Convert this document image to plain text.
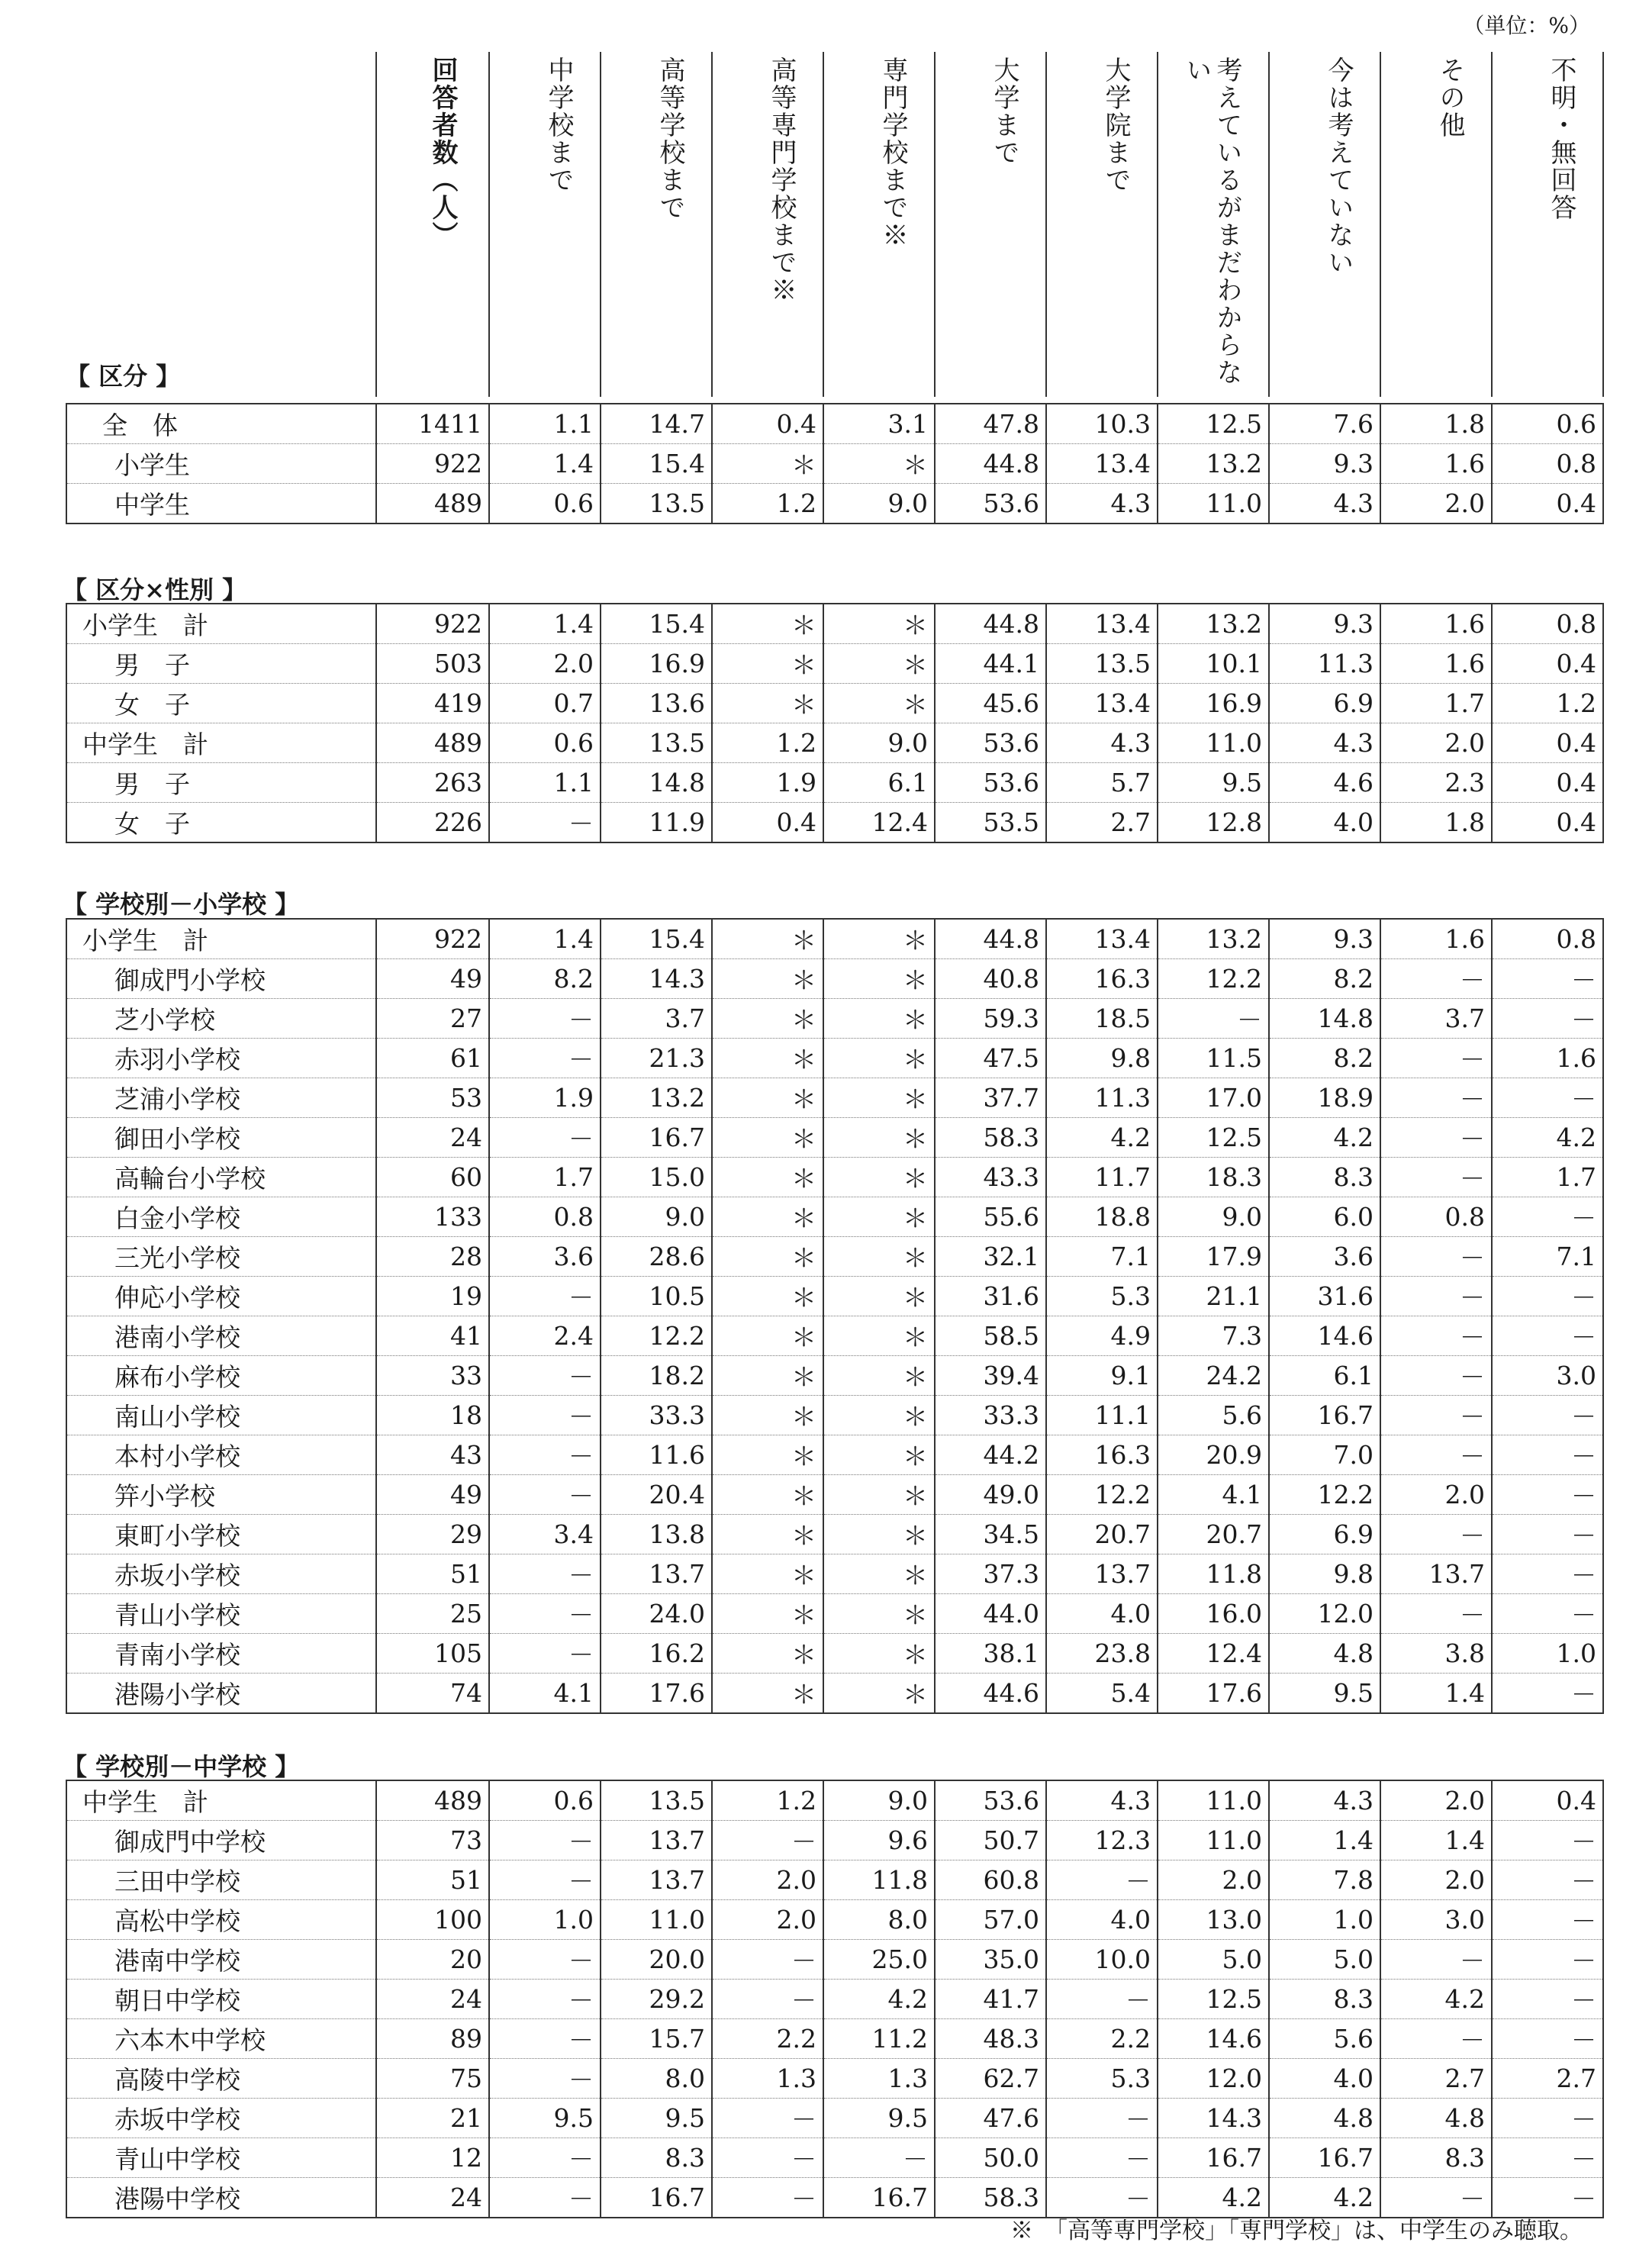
（単位：%）
【 区分 】
回答者数（人）	中学校まで	高等学校まで	高等専門学校まで※	専門学校まで※	大学まで	大学院まで	考えているがまだわからない	今は考えていない	その他	不明・無回答
【 区分×性別 】
【 学校別－小学校 】
【 学校別－中学校 】
※　「高等専門学校」「専門学校」は、中学生のみ聴取。
全　体	1411	1.1	14.7	0.4	3.1	47.8	10.3	12.5	7.6	1.8	0.6
小学生	922	1.4	15.4	＊	＊	44.8	13.4	13.2	9.3	1.6	0.8
中学生	489	0.6	13.5	1.2	9.0	53.6	4.3	11.0	4.3	2.0	0.4
小学生　計	922	1.4	15.4	＊	＊	44.8	13.4	13.2	9.3	1.6	0.8
男　子	503	2.0	16.9	＊	＊	44.1	13.5	10.1	11.3	1.6	0.4
女　子	419	0.7	13.6	＊	＊	45.6	13.4	16.9	6.9	1.7	1.2
中学生　計	489	0.6	13.5	1.2	9.0	53.6	4.3	11.0	4.3	2.0	0.4
男　子	263	1.1	14.8	1.9	6.1	53.6	5.7	9.5	4.6	2.3	0.4
女　子	226	－	11.9	0.4	12.4	53.5	2.7	12.8	4.0	1.8	0.4
小学生　計	922	1.4	15.4	＊	＊	44.8	13.4	13.2	9.3	1.6	0.8
御成門小学校	49	8.2	14.3	＊	＊	40.8	16.3	12.2	8.2	－	－
芝小学校	27	－	3.7	＊	＊	59.3	18.5	－	14.8	3.7	－
赤羽小学校	61	－	21.3	＊	＊	47.5	9.8	11.5	8.2	－	1.6
芝浦小学校	53	1.9	13.2	＊	＊	37.7	11.3	17.0	18.9	－	－
御田小学校	24	－	16.7	＊	＊	58.3	4.2	12.5	4.2	－	4.2
高輪台小学校	60	1.7	15.0	＊	＊	43.3	11.7	18.3	8.3	－	1.7
白金小学校	133	0.8	9.0	＊	＊	55.6	18.8	9.0	6.0	0.8	－
三光小学校	28	3.6	28.6	＊	＊	32.1	7.1	17.9	3.6	－	7.1
伸応小学校	19	－	10.5	＊	＊	31.6	5.3	21.1	31.6	－	－
港南小学校	41	2.4	12.2	＊	＊	58.5	4.9	7.3	14.6	－	－
麻布小学校	33	－	18.2	＊	＊	39.4	9.1	24.2	6.1	－	3.0
南山小学校	18	－	33.3	＊	＊	33.3	11.1	5.6	16.7	－	－
本村小学校	43	－	11.6	＊	＊	44.2	16.3	20.9	7.0	－	－
笄小学校	49	－	20.4	＊	＊	49.0	12.2	4.1	12.2	2.0	－
東町小学校	29	3.4	13.8	＊	＊	34.5	20.7	20.7	6.9	－	－
赤坂小学校	51	－	13.7	＊	＊	37.3	13.7	11.8	9.8	13.7	－
青山小学校	25	－	24.0	＊	＊	44.0	4.0	16.0	12.0	－	－
青南小学校	105	－	16.2	＊	＊	38.1	23.8	12.4	4.8	3.8	1.0
港陽小学校	74	4.1	17.6	＊	＊	44.6	5.4	17.6	9.5	1.4	－
中学生　計	489	0.6	13.5	1.2	9.0	53.6	4.3	11.0	4.3	2.0	0.4
御成門中学校	73	－	13.7	－	9.6	50.7	12.3	11.0	1.4	1.4	－
三田中学校	51	－	13.7	2.0	11.8	60.8	－	2.0	7.8	2.0	－
高松中学校	100	1.0	11.0	2.0	8.0	57.0	4.0	13.0	1.0	3.0	－
港南中学校	20	－	20.0	－	25.0	35.0	10.0	5.0	5.0	－	－
朝日中学校	24	－	29.2	－	4.2	41.7	－	12.5	8.3	4.2	－
六本木中学校	89	－	15.7	2.2	11.2	48.3	2.2	14.6	5.6	－	－
高陵中学校	75	－	8.0	1.3	1.3	62.7	5.3	12.0	4.0	2.7	2.7
赤坂中学校	21	9.5	9.5	－	9.5	47.6	－	14.3	4.8	4.8	－
青山中学校	12	－	8.3	－	－	50.0	－	16.7	16.7	8.3	－
港陽中学校	24	－	16.7	－	16.7	58.3	－	4.2	4.2	－	－
